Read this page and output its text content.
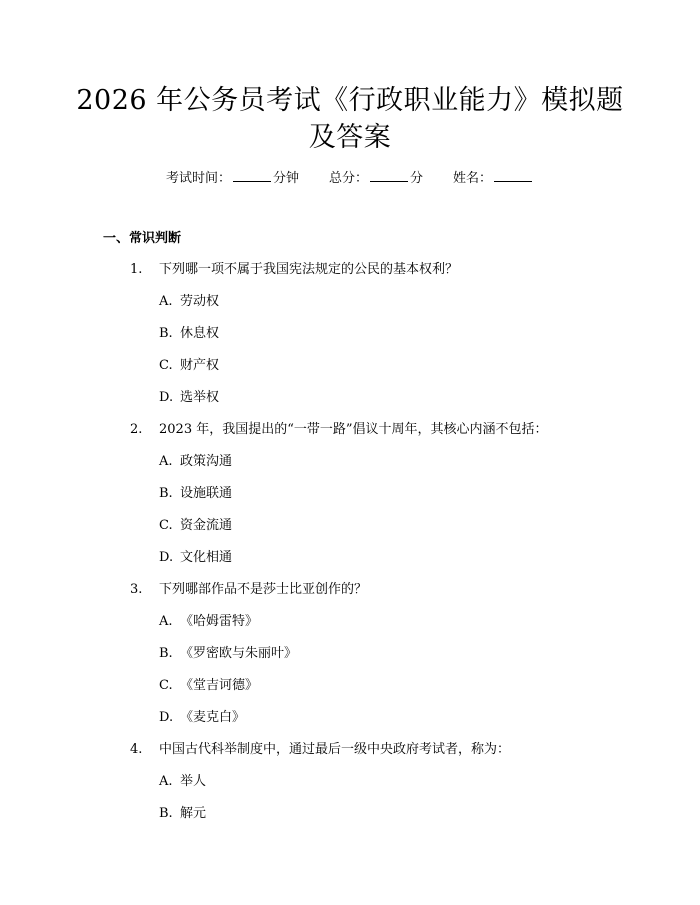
2026 年公务员考试《行政职业能力》模拟题
及答案
考试时间：	分钟 总分：	分 姓名：
一、常识判断
1. 下列哪一项不属于我国宪法规定的公民的基本权利？
A. 劳动权
B. 休息权
C. 财产权
D. 选举权
2. 2023 年，我国提出的“一带一路”倡议十周年，其核心内涵不包括：
A. 政策沟通
B. 设施联通
C. 资金流通
D. 文化相通
3. 下列哪部作品不是莎士比亚创作的？
A. 《哈姆雷特》
B. 《罗密欧与朱丽叶》
C. 《堂吉诃德》
D. 《麦克白》
4. 中国古代科举制度中，通过最后一级中央政府考试者，称为：
A. 举人
B. 解元
